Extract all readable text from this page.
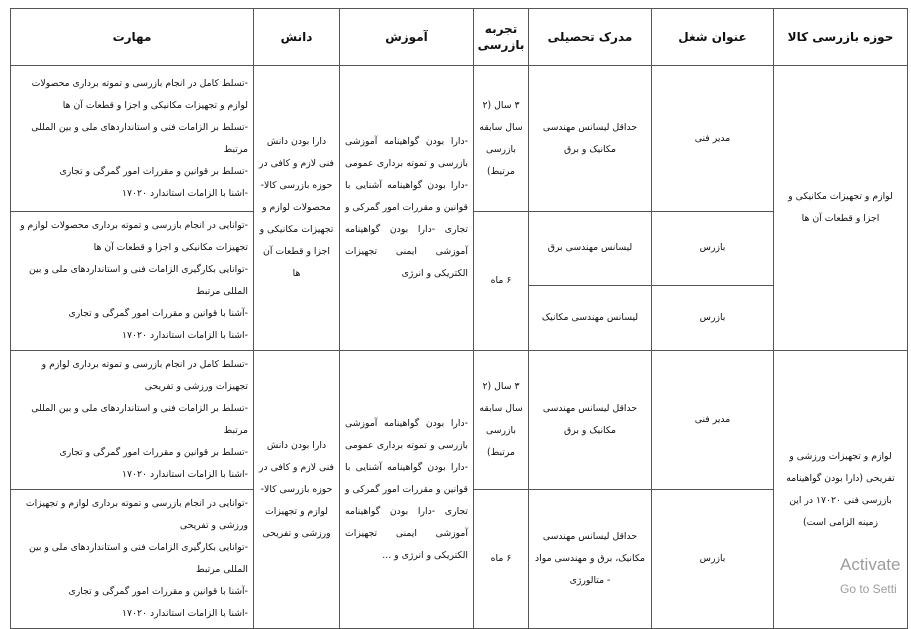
حوزه بازرسی کالا	عنوان شغل	مدرک تحصیلی	تجربه بازرسی	آموزش	دانش	مهارت
لوازم و تجهیزات مکانیکی و اجزا و قطعات آن ها	مدیر فنی	حداقل لیسانس مهندسی مکانیک و برق	۳ سال (۲ سال سابقه بازرسی مرتبط)	-دارا بودن گواهینامه آموزشی بازرسی و تموته برداری عمومی -دارا بودن گواهینامه آشنایی با قوانین و مقررات امور گمرکی و تجاری -دارا بودن گواهینامه آموزشی ایمنی تجهیزات الکتریکی و انرژی	دارا بودن دانش فنی لازم و کافی در حوزه بازرسی کالا- محصولات لوازم و تجهیزات مکانیکی و اجزا و قطعات آن ها	-تسلط کامل در انجام بازرسی و تموته برداری محصولات لوازم و تجهیزات مکانیکی و اجزا و قطعات آن ها
-تسلط بر الزامات فنی و استانداردهای ملی و بین المللی مرتبط
-تسلط بر قوانین و مقررات امور گمرگی و تجاری
-اشنا با الزامات استاندارد ۱۷۰۲۰

	بازرس	لیسانس مهندسی برق	۶ ماه			-توانایی در انجام بازرسی و تموته برداری محصولات لوازم و تجهیزات مکانیکی و اجزا و قطعات آن ها
-توانایی بکارگیری الزامات فنی و استانداردهای ملی و بین المللی مرتبط
-آشنا با قوانین و مقررات امور گمرگی و تجاری
-اشنا با الزامات استاندارد ۱۷۰۲۰

	بازرس	لیسانس مهندسی مکانیک				
لوازم و تجهیزات ورزشی و تفریحی (دارا بودن گواهینامه بازرسی فنی ۱۷۰۲۰ در این زمینه الزامی است)	مدیر فنی	حداقل لیسانس مهندسی مکانیک و برق	۳ سال (۲ سال سابقه بازرسی مرتبط)	-دارا بودن گواهینامه آموزشی بازرسی و تموته برداری عمومی -دارا بودن گواهینامه آشنایی با قوانین و مقررات امور گمرکی و تجاری -دارا بودن گواهینامه آموزشی ایمنی تجهیزات الکتریکی و انرژی و ...	دارا بودن دانش فنی لازم و کافی در حوزه بازرسی کالا- لوازم و تجهیزات ورزشی و تفریحی	-تسلط کامل در انجام بازرسی و تموته برداری لوازم و تجهیزات ورزشی و تفریحی
-تسلط بر الزامات فنی و استانداردهای ملی و بین المللی مرتبط
-تسلط بر قوانین و مقررات امور گمرگی و تجاری
-اشنا با الزامات استاندارد ۱۷۰۲۰

	بازرس	حداقل لیسانس مهندسی مکانیک، برق و مهندسی مواد - متالورژی	۶ ماه			-توانایی در انجام بازرسی و تموته برداری لوازم و تجهیزات ورزشی و تفریحی
-توانایی بکارگیری الزامات فنی و استانداردهای ملی و بین المللی مرتبط
-آشنا با قوانین و مقررات امور گمرگی و تجاری
-اشنا با الزامات استاندارد ۱۷۰۲۰
Activate
Go to Setti
